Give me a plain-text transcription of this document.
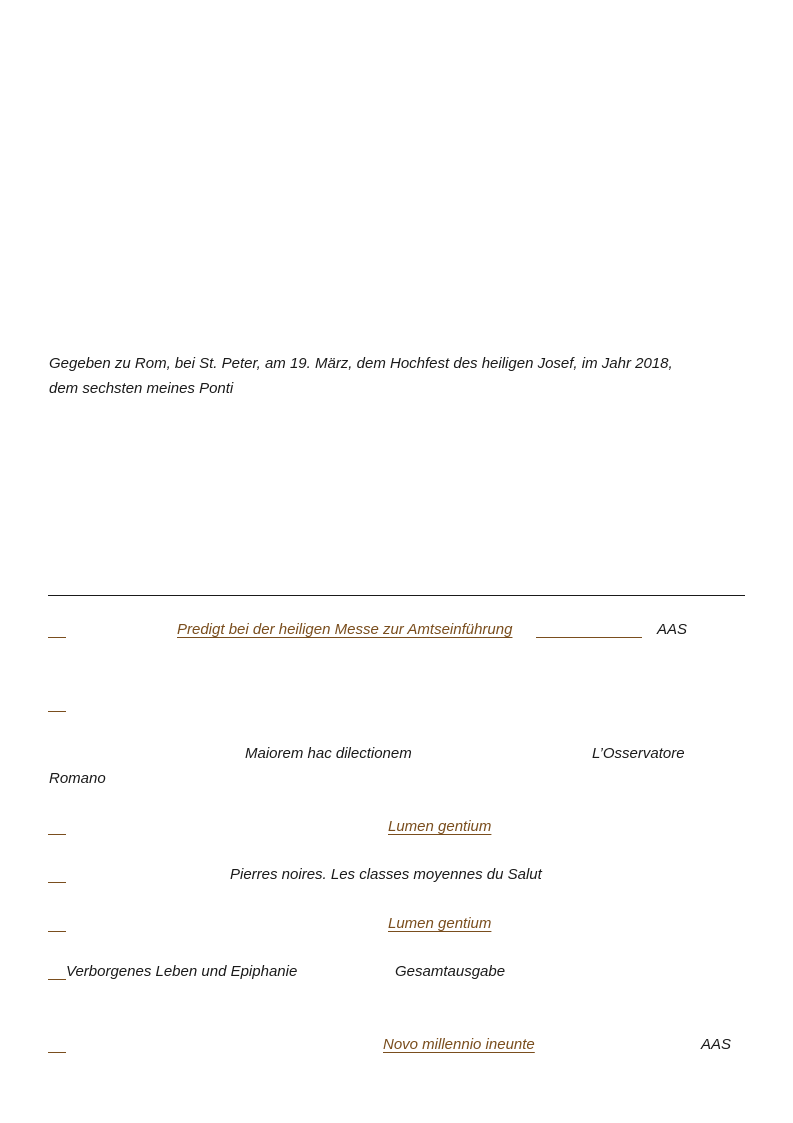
Gegeben zu Rom, bei St. Peter, am 19. März, dem Hochfest des heiligen Josef, im Jahr 2018,
dem sechsten meines Ponti
Predigt bei der heiligen Messe zur Amtseinführung	AAS
Maiorem hac dilectionem	L’Osservatore
Romano
Lumen gentium
Pierres noires. Les classes moyennes du Salut
Lumen gentium
Verborgenes Leben und Epiphanie	Gesamtausgabe
Novo millennio ineunte	AAS
